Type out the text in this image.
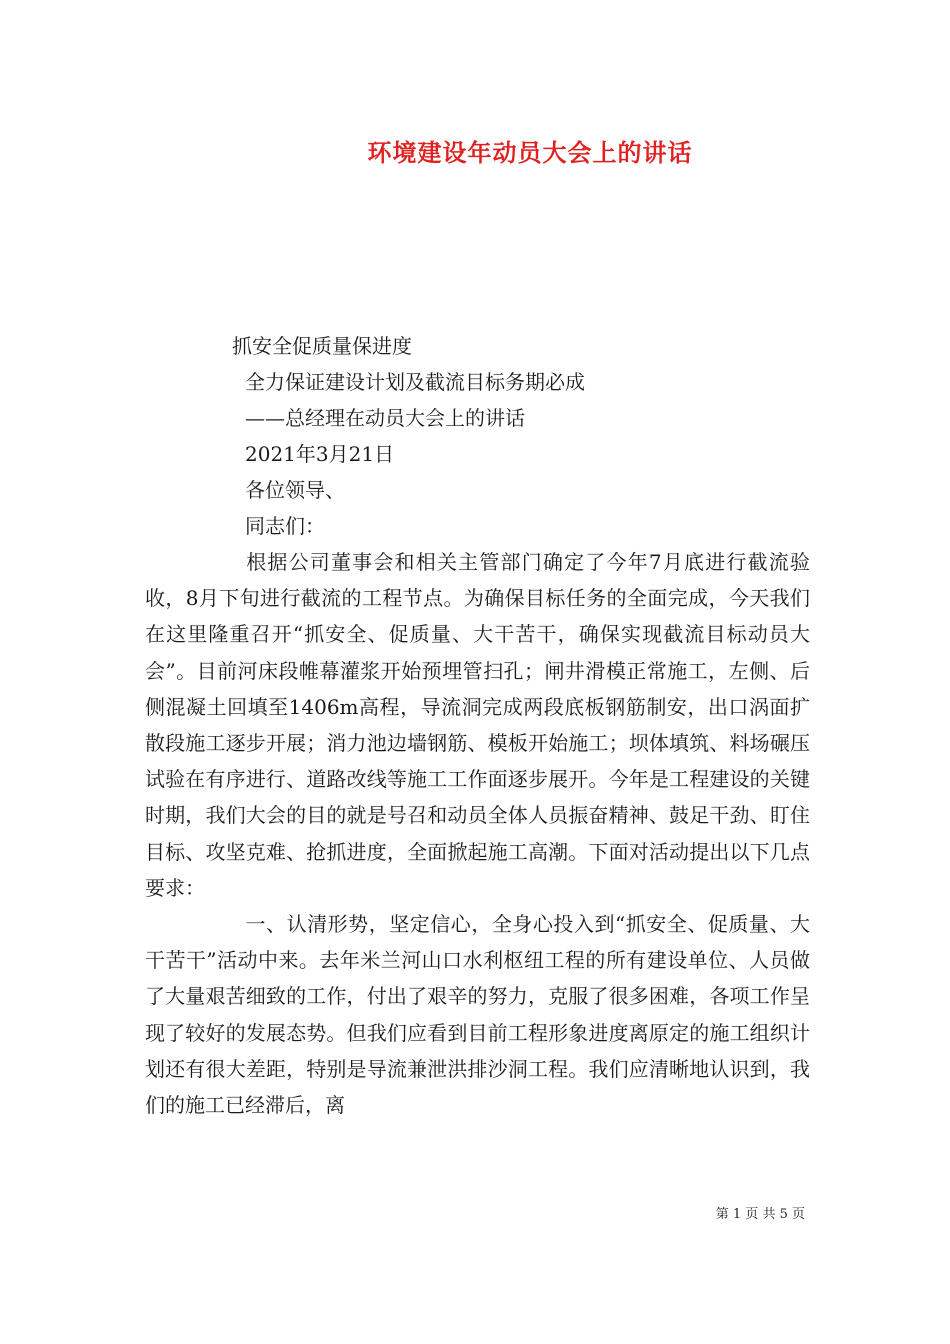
环境建设年动员大会上的讲话
抓安全促质量保进度
全力保证建设计划及截流目标务期必成
——总经理在动员大会上的讲话
2021年3月21日
各位领导、
同志们：
根据公司董事会和相关主管部门确定了今年7月底进行截流验收，8月下旬进行截流的工程节点。为确保目标任务的全面完成，今天我们在这里隆重召开“抓安全、促质量、大干苦干，确保实现截流目标动员大会”。目前河床段帷幕灌浆开始预埋管扫孔；闸井滑模正常施工，左侧、后侧混凝土回填至1406m高程，导流洞完成两段底板钢筋制安，出口涡面扩散段施工逐步开展；消力池边墙钢筋、模板开始施工；坝体填筑、料场碾压试验在有序进行、道路改线等施工工作面逐步展开。今年是工程建设的关键时期，我们大会的目的就是号召和动员全体人员振奋精神、鼓足干劲、盯住目标、攻坚克难、抢抓进度，全面掀起施工高潮。下面对活动提出以下几点要求：
一、认清形势，坚定信心，全身心投入到“抓安全、促质量、大干苦干”活动中来。去年米兰河山口水利枢纽工程的所有建设单位、人员做了大量艰苦细致的工作，付出了艰辛的努力，克服了很多困难，各项工作呈现了较好的发展态势。但我们应看到目前工程形象进度离原定的施工组织计划还有很大差距，特别是导流兼泄洪排沙洞工程。我们应清晰地认识到，我们的施工已经滞后，离
第 1 页 共 5 页
